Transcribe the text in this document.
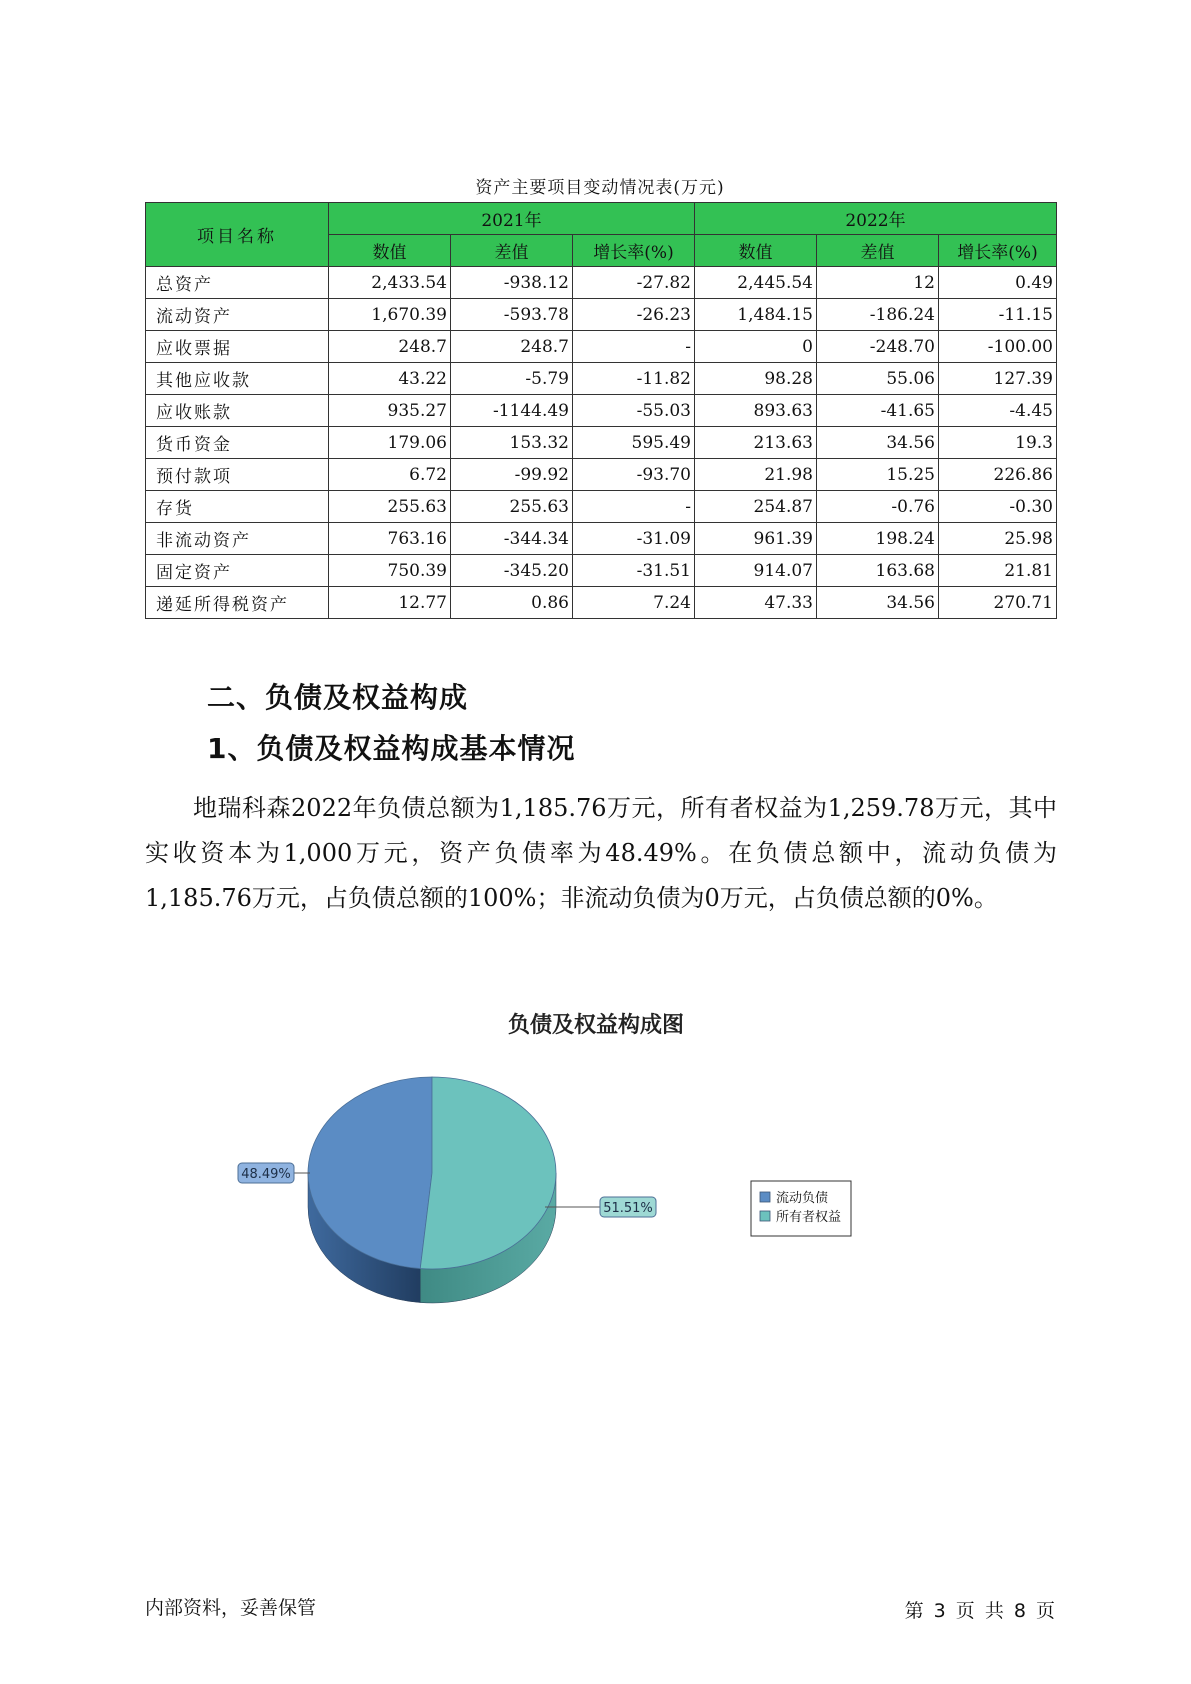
资产主要项目变动情况表(万元)
项目名称	2021年			2022年		
	数值	差值	增长率(%)	数值	差值	增长率(%)
总资产	2,433.54	-938.12	-27.82	2,445.54	12	0.49
流动资产	1,670.39	-593.78	-26.23	1,484.15	-186.24	-11.15
应收票据	248.7	248.7	-	0	-248.70	-100.00
其他应收款	43.22	-5.79	-11.82	98.28	55.06	127.39
应收账款	935.27	-1144.49	-55.03	893.63	-41.65	-4.45
货币资金	179.06	153.32	595.49	213.63	34.56	19.3
预付款项	6.72	-99.92	-93.70	21.98	15.25	226.86
存货	255.63	255.63	-	254.87	-0.76	-0.30
非流动资产	763.16	-344.34	-31.09	961.39	198.24	25.98
固定资产	750.39	-345.20	-31.51	914.07	163.68	21.81
递延所得税资产	12.77	0.86	7.24	47.33	34.56	270.71
二、负债及权益构成
1、负债及权益构成基本情况

地瑞科森2022年负债总额为1,185.76万元，所有者权益为1,259.78万元，其中实收资本为1,000万元，资产负债率为48.49%。在负债总额中，流动负债为1,185.76万元，占负债总额的100%；非流动负债为0万元，占负债总额的0%。

负债及权益构成图
48.49%
51.51%
流动负债
所有者权益
内部资料，妥善保管	第 3 页 共 8 页
